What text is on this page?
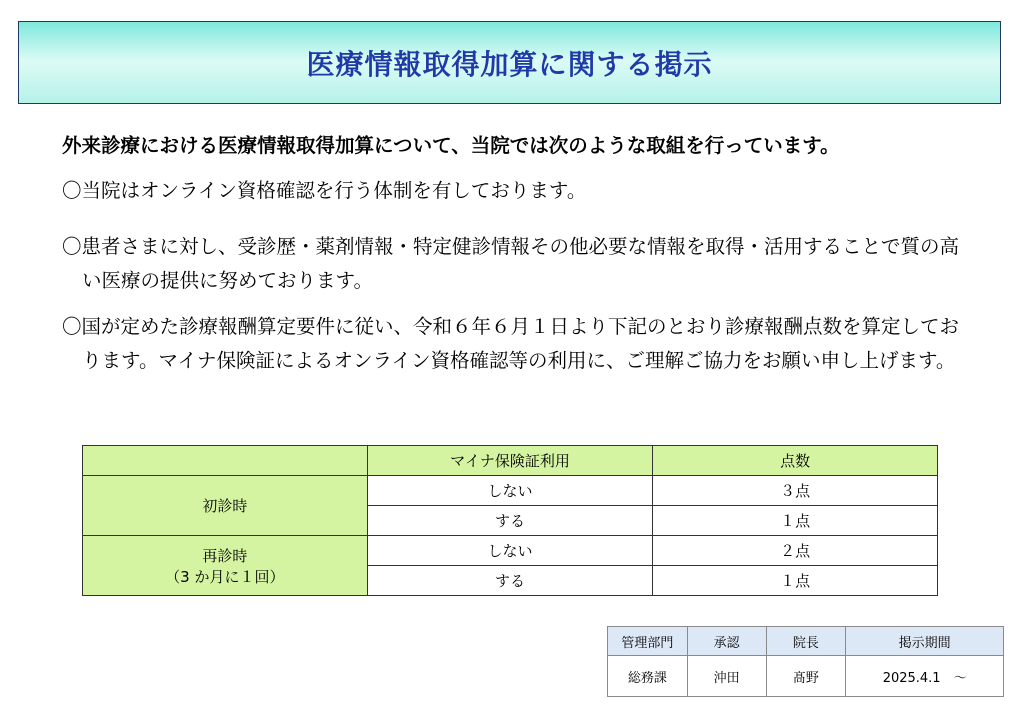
医療情報取得加算に関する掲示
外来診療における医療情報取得加算について、当院では次のような取組を行っています。
〇当院はオンライン資格確認を行う体制を有しております。
〇患者さまに対し、受診歴・薬剤情報・特定健診情報その他必要な情報を取得・活用することで質の高い医療の提供に努めております。
〇国が定めた診療報酬算定要件に従い、令和６年６月１日より下記のとおり診療報酬点数を算定しております。マイナ保険証によるオンライン資格確認等の利用に、ご理解ご協力をお願い申し上げます。
	マイナ保険証利用	点数

初診時	しない	３点
	する	１点

再診時
（3 か月に１回）	しない	２点
	する	１点
管理部門	承認	院長	掲示期間
総務課	沖田	髙野	2025.4.1　～
